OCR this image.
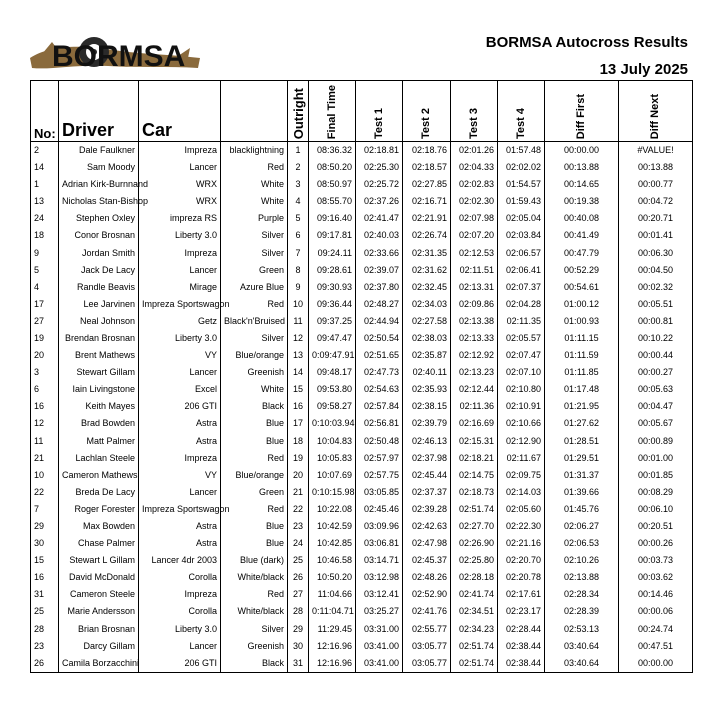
BORMSA	BORMSA Autocross Results
13 July 2025
No:	Driver	Car		Outright	Final Time	Test 1	Test 2	Test 3	Test 4	Diff First	Diff Next
2	Dale Faulkner	Impreza	blacklightning	1	08:36.32	02:18.81	02:18.76	02:01.26	01:57.48	00:00.00	#VALUE!
14	Sam Moody	Lancer	Red	2	08:50.20	02:25.30	02:18.57	02:04.33	02:02.02	00:13.88	00:13.88
1	Adrian Kirk-Burnnand	WRX	White	3	08:50.97	02:25.72	02:27.85	02:02.83	01:54.57	00:14.65	00:00.77
13	Nicholas Stan-Bishop	WRX	White	4	08:55.70	02:37.26	02:16.71	02:02.30	01:59.43	00:19.38	00:04.72
24	Stephen Oxley	impreza RS	Purple	5	09:16.40	02:41.47	02:21.91	02:07.98	02:05.04	00:40.08	00:20.71
18	Conor Brosnan	Liberty 3.0	Silver	6	09:17.81	02:40.03	02:26.74	02:07.20	02:03.84	00:41.49	00:01.41
9	Jordan Smith	Impreza	Silver	7	09:24.11	02:33.66	02:31.35	02:12.53	02:06.57	00:47.79	00:06.30
5	Jack De Lacy	Lancer	Green	8	09:28.61	02:39.07	02:31.62	02:11.51	02:06.41	00:52.29	00:04.50
4	Randle Beavis	Mirage	Azure Blue	9	09:30.93	02:37.80	02:32.45	02:13.31	02:07.37	00:54.61	00:02.32
17	Lee Jarvinen	Impreza Sportswagon	Red	10	09:36.44	02:48.27	02:34.03	02:09.86	02:04.28	01:00.12	00:05.51
27	Neal Johnson	Getz	Black'n'Bruised	11	09:37.25	02:44.94	02:27.58	02:13.38	02:11.35	01:00.93	00:00.81
19	Brendan Brosnan	Liberty 3.0	Silver	12	09:47.47	02:50.54	02:38.03	02:13.33	02:05.57	01:11.15	00:10.22
20	Brent Mathews	VY	Blue/orange	13	0:09:47.91	02:51.65	02:35.87	02:12.92	02:07.47	01:11.59	00:00.44
3	Stewart Gillam	Lancer	Greenish	14	09:48.17	02:47.73	02:40.11	02:13.23	02:07.10	01:11.85	00:00.27
6	Iain Livingstone	Excel	White	15	09:53.80	02:54.63	02:35.93	02:12.44	02:10.80	01:17.48	00:05.63
16	Keith Mayes	206 GTI	Black	16	09:58.27	02:57.84	02:38.15	02:11.36	02:10.91	01:21.95	00:04.47
12	Brad Bowden	Astra	Blue	17	0:10:03.94	02:56.81	02:39.79	02:16.69	02:10.66	01:27.62	00:05.67
11	Matt Palmer	Astra	Blue	18	10:04.83	02:50.48	02:46.13	02:15.31	02:12.90	01:28.51	00:00.89
21	Lachlan Steele	Impreza	Red	19	10:05.83	02:57.97	02:37.98	02:18.21	02:11.67	01:29.51	00:01.00
10	Cameron Mathews	VY	Blue/orange	20	10:07.69	02:57.75	02:45.44	02:14.75	02:09.75	01:31.37	00:01.85
22	Breda De Lacy	Lancer	Green	21	0:10:15.98	03:05.85	02:37.37	02:18.73	02:14.03	01:39.66	00:08.29
7	Roger Forester	Impreza Sportswagon	Red	22	10:22.08	02:45.46	02:39.28	02:51.74	02:05.60	01:45.76	00:06.10
29	Max Bowden	Astra	Blue	23	10:42.59	03:09.96	02:42.63	02:27.70	02:22.30	02:06.27	00:20.51
30	Chase Palmer	Astra	Blue	24	10:42.85	03:06.81	02:47.98	02:26.90	02:21.16	02:06.53	00:00.26
15	Stewart L Gillam	Lancer 4dr 2003	Blue (dark)	25	10:46.58	03:14.71	02:45.37	02:25.80	02:20.70	02:10.26	00:03.73
16	David McDonald	Corolla	White/black	26	10:50.20	03:12.98	02:48.26	02:28.18	02:20.78	02:13.88	00:03.62
31	Cameron Steele	Impreza	Red	27	11:04.66	03:12.41	02:52.90	02:41.74	02:17.61	02:28.34	00:14.46
25	Marie Andersson	Corolla	White/black	28	0:11:04.71	03:25.27	02:41.76	02:34.51	02:23.17	02:28.39	00:00.06
28	Brian Brosnan	Liberty 3.0	Silver	29	11:29.45	03:31.00	02:55.77	02:34.23	02:28.44	02:53.13	00:24.74
23	Darcy Gillam	Lancer	Greenish	30	12:16.96	03:41.00	03:05.77	02:51.74	02:38.44	03:40.64	00:47.51
26	Camila Borzacchini	206 GTI	Black	31	12:16.96	03:41.00	03:05.77	02:51.74	02:38.44	03:40.64	00:00.00
